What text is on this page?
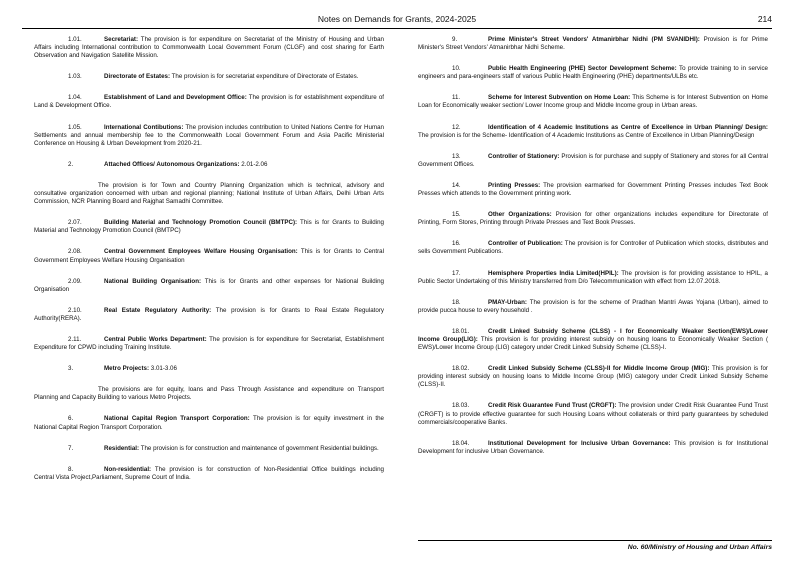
Notes on Demands for Grants, 2024-2025	214

1.01.	Secretariat: The provision is for expenditure on Secretariat of the Ministry of Housing and Urban Affairs including International contribution to Commonwealth Local Government Forum (CLGF) and cost sharing for Earth Observation and Navigation Satellite Mission.

1.03.	Directorate of Estates: The provision is for secretariat expenditure of Directorate of Estates.

1.04.	Establishment of Land and Development Office: The provision is for establishment expenditure of Land & Development Office.

1.05.	International Contibutions: The provision includes contribution to United Nations Centre for Human Settlements and annual membership fee to the Commonwealth Local Government Forum and Asia Pacific Ministerial Conference on Housing & Urban Development from 2020-21.

2.	Attached Offices/ Autonomous Organizations: 2.01-2.06

The provision is for Town and Country Planning Organization which is technical, advisory and consultative organization concerned with urban and regional planning; National Institute of Urban Affairs, Delhi Urban Arts Commission, NCR Planning Board and Rajghat Samadhi Committee.

2.07.	Building Material and Technology Promotion Council (BMTPC): This is for Grants to Building Material and Technology Promotion Council (BMTPC)

2.08.	Central Government Employees Welfare Housing Organisation: This is for Grants to Central Government Employees Welfare Housing Organisation

2.09.	National Building Organisation: This is for Grants and other expenses for National Building Organisation

2.10.	Real Estate Regulatory Authority: The provision is for Grants to Real Estate Regulatory Authority(RERA).

2.11.	Central Public Works Department: The provision is for expenditure for Secretariat, Establishment Expenditure for CPWD including Training Institute.

3.	Metro Projects: 3.01-3.06

The provisions are for equity, loans and Pass Through Assistance and expenditure on Transport Planning and Capacity Building to various Metro Projects.

6.	National Capital Region Transport Corporation: The provision is for equity investment in the National Capital Region Transport Corporation.

7.	Residential: The provision is for construction and maintenance of government Residential buildings.

8.	Non-residential: The provision is for construction of Non-Residential Office buildings including Central Vista Project,Parliament, Supreme Court of India.

9.	Prime Minister's Street Vendors' Atmanirbhar Nidhi (PM SVANIDHI): Provision is for Prime Minister's Street Vendors' Atmanirbhar Nidhi Scheme.

10.	Public Health Engineering (PHE) Sector Development Scheme: To provide training to in service engineers and para-engineers staff of various Public Health Engineering (PHE) departments/ULBs etc.

11.	Scheme for Interest Subvention on Home Loan: This Scheme is for Interest Subvention on Home Loan for Economically weaker section/ Lower Income group and Middle Income group in Urban areas.

12.	Identification of 4 Academic Institutions as Centre of Excellence in Urban Planning/ Design: The provision is for the Scheme- Identification of 4 Academic Institutions as Centre of Excellence in Urban Planning/Design

13.	Controller of Stationery: Provision is for purchase and supply of Stationery and stores for all Central Government Offices.

14.	Printing Presses: The provision earmarked for Government Printing Presses includes Text Book Presses which attends to the Government printing work.

15.	Other Organizations: Provision for other organizations includes expenditure for Directorate of Printing, Form Stores, Printing through Private Presses and Text Book Presses.

16.	Controller of Publication: The provision is for Controller of Publication which stocks, distributes and sells Government Publications.

17.	Hemisphere Properties India Limited(HPIL): The provision is for providing assistance to HPIL, a Public Sector Undertaking of this Ministry transferred from D/o Telecommunication with effect from 12.07.2018.

18.	PMAY-Urban: The provision is for the scheme of Pradhan Mantri Awas Yojana (Urban), aimed to provide pucca house to every household .

18.01.	Credit Linked Subsidy Scheme (CLSS) - I for Economically Weaker Section(EWS)/Lower Income Group(LIG): This provision is for providing interest subsidy on housing loans to Economically Weaker Section ( EWS)/Lower Income Group (LIG) category under Credit Linked Subsidy Scheme (CLSS)-I.

18.02.	Credit Linked Subsidy Scheme (CLSS)-II for Middle Income Group (MIG): This provision is for providing interest subsidy on housing loans to Middle Income Group (MIG) category under Credit Linked Subsidy Scheme (CLSS)-II.

18.03.	Credit Risk Guarantee Fund Trust (CRGFT): The provision under Credit Risk Guarantee Fund Trust (CRGFT) is to provide effective guarantee for such Housing Loans without collaterals or third party guarantees by scheduled commercials/cooperative Banks.

18.04.	Institutional Development for Inclusive Urban Governance: This provision is for Institutional Development for inclusive Urban Governance.

No. 60/Ministry of Housing and Urban Affairs
